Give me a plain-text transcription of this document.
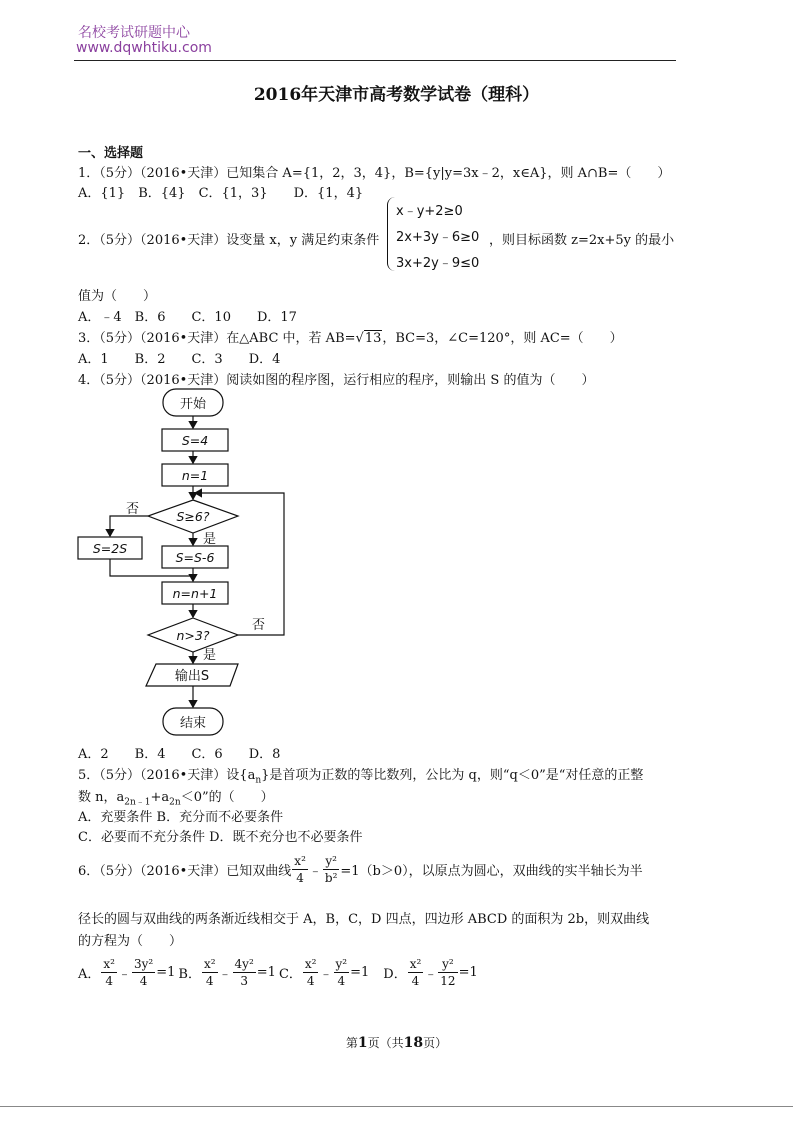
名校考试研题中心
www.dqwhtiku.com
2016年天津市高考数学试卷（理科）
一、选择题
1．（5分）（2016•天津）已知集合 A={1，2，3，4}，B={y|y=3x﹣2，x∈A}，则 A∩B=（　　）
A．{1}　B．{4}　C．{1，3}　　D．{1，4}
2．（5分）（2016•天津）设变量 x，y 满足约束条件
x﹣y+2≥0
2x+3y﹣6≥0
3x+2y﹣9≤0
，则目标函数 z=2x+5y 的最小
值为（　　）
A．﹣4　B．6　　C．10　　D．17
3．（5分）（2016•天津）在△ABC 中，若 AB=√13，BC=3，∠C=120°，则 AC=（　　）
A．1　　B．2　　C．3　　D．4
4．（5分）（2016•天津）阅读如图的程序图，运行相应的程序，则输出 S 的值为（　　）
开始
S=4
n=1
S≥6?
否
是
S=2S
S=S-6
n=n+1
n>3?
否
是
输出S
结束
A．2　　B．4　　C．6　　D．8
5．（5分）（2016•天津）设$\{a_n\}$是首项为正数的等比数列，公比为 q，则“q＜0”是“对任意的正整
数 n，$a_{2n﹣1}+a_{2n}<0$”的（　　）
A．充要条件 B．充分而不必要条件
C．必要而不充分条件 D．既不充分也不必要条件
6．（5分）（2016•天津）已知双曲线 $\frac{\text{x²}}{4}$ ﹣ $\frac{\text{y²}}{\text{b²}} =1(b>0)$，以原点为圆心，双曲线的实半轴长为半
径长的圆与双曲线的两条渐近线相交于 A，B，C，D 四点，四边形 ABCD 的面积为 2b，则双曲线
的方程为（　　）
A． $\frac{\text{x²}}{4}$ ﹣ $\frac{\text{3y²}}{4} =1$ B． $\frac{\text{x²}}{4}$ ﹣ $\frac{\text{4y²}}{3} =1$ C． $\frac{\text{x²}}{4}$ ﹣ $\frac{\text{y²}}{4} =1$ D． $\frac{\text{x²}}{4}$ ﹣ $\frac{\text{y²}}{12} =1$
第1页（共18页）
